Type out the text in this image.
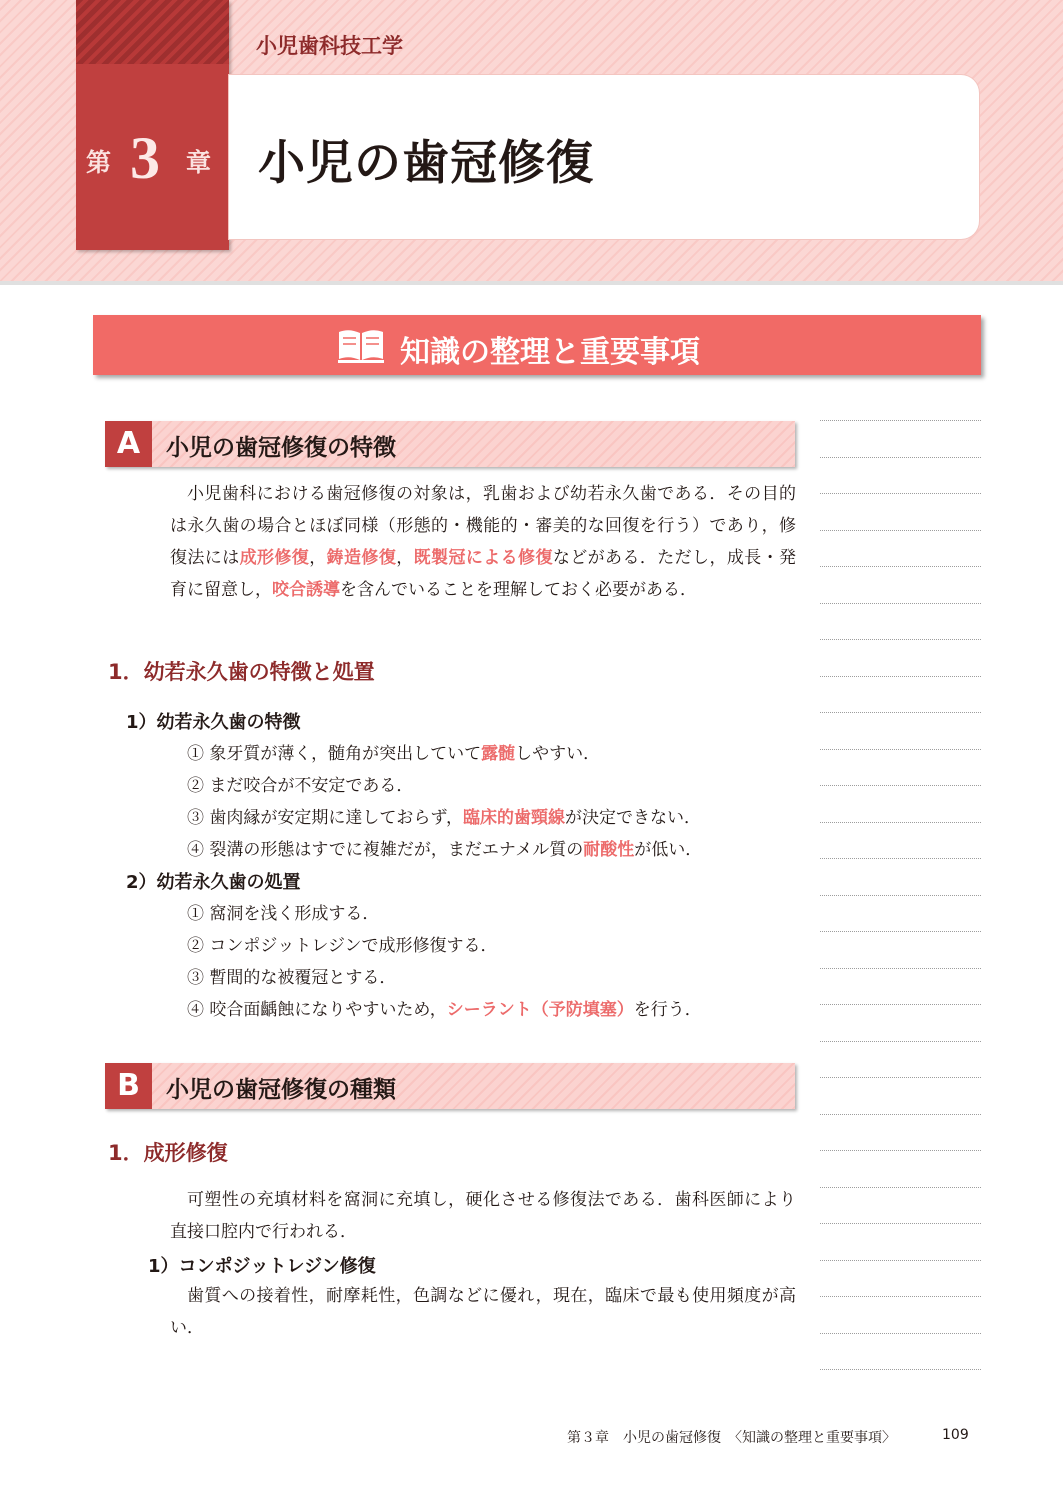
小児歯科技工学
第 3 章 小児の歯冠修復
知識の整理と重要事項
A	小児の歯冠修復の特徴
小児歯科における歯冠修復の対象は，乳歯および幼若永久歯である．その目的は永久歯の場合とほぼ同様（形態的・機能的・審美的な回復を行う）であり，修復法には成形修復，鋳造修復，既製冠による修復などがある．ただし，成長・発育に留意し，咬合誘導を含んでいることを理解しておく必要がある．
1．幼若永久歯の特徴と処置
1）幼若永久歯の特徴
① 象牙質が薄く，髄角が突出していて露髄しやすい．
② まだ咬合が不安定である．
③ 歯肉縁が安定期に達しておらず，臨床的歯頸線が決定できない．
④ 裂溝の形態はすでに複雑だが，まだエナメル質の耐酸性が低い．
2）幼若永久歯の処置
① 窩洞を浅く形成する．
② コンポジットレジンで成形修復する．
③ 暫間的な被覆冠とする．
④ 咬合面齲蝕になりやすいため，シーラント（予防填塞）を行う．
B	小児の歯冠修復の種類
1．成形修復
可塑性の充填材料を窩洞に充填し，硬化させる修復法である．歯科医師により直接口腔内で行われる．
1）コンポジットレジン修復
歯質への接着性，耐摩耗性，色調などに優れ，現在，臨床で最も使用頻度が高い．
第３章　小児の歯冠修復　〈知識の整理と重要事項〉	109
